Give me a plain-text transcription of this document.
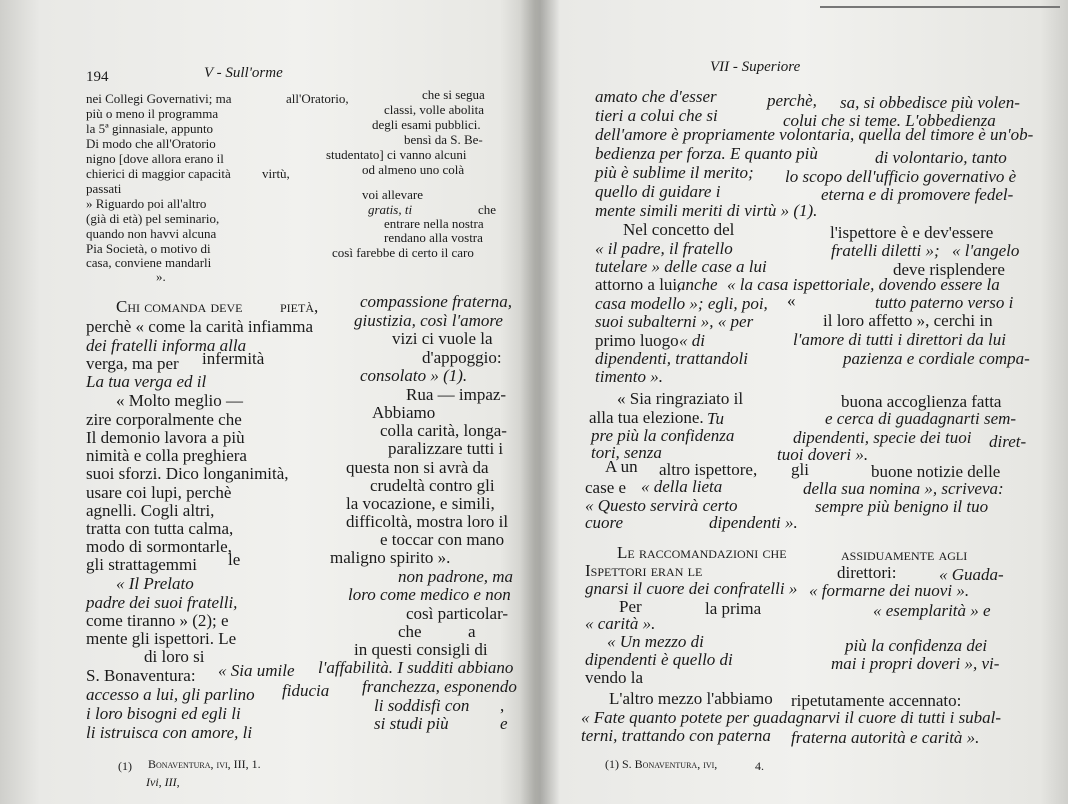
194	V - Sull'orme
nei Collegi Governativi; ma
più o meno il programma
la 5ª ginnasiale, appunto
Di modo che all'Oratorio
nigno [dove allora erano il
chierici di maggior capacità
passati
» Riguardo poi all'altro
(già di età) pel seminario,
quando non havvi alcuna
Pia Società, o motivo di
casa, conviene mandarli
».
all'Oratorio,	che si segua
classi, volle abolita
degli esami pubblici.
bensì da S. Be-
studentato] ci vanno alcuni
od almeno uno colà
virtù,
voi allevare
gratis, ti	che
entrare nella nostra
rendano alla vostra
così farebbe di certo il caro
Chi comanda deve pietà, compassione fraterna,
perchè « come la carità infiamma giustizia, così l'amore
dei fratelli informa alla	vizi ci vuole la
verga, ma per infermità	d'appoggio:
La tua verga ed il	consolato » (1).
« Molto meglio —	Rua — impaz-
zire corporalmente che	Abbiamo
Il demonio lavora a più	colla carità, longa-
nimità e colla preghiera	paralizzare tutti i
suoi sforzi. Dico longanimità,	questa non si avrà da
usare coi lupi, perchè	crudeltà contro gli
agnelli. Cogli altri,	la vocazione, e simili,
tratta con tutta calma,	difficoltà, mostra loro il
modo di sormontarle,	e toccar con mano
gli strattagemmi le	maligno spirito ».
« Il Prelato	non padrone, ma
padre dei suoi fratelli,	loro come medico e non
come tiranno » (2); e	così particolar-
mente gli ispettori. Le	che	a
di loro si	in questi consigli di
S. Bonaventura: « Sia umile l'affabilità. I sudditi abbiano
accesso a lui, gli parlino fiducia franchezza, esponendo
i loro bisogni ed egli li	li soddisfi con ,
li istruisca con amore, li	si studi più	e
(1) Bonaventura, ivi, III, 1.
Ivi, III,
VII - Superiore
amato che d'esser	perchè, sa, si obbedisce più volen-
tieri a colui che si	colui che si teme. L'obbedienza
dell'amore è propriamente volontaria, quella del timore è un'ob-
bedienza per forza. E quanto più	di volontario, tanto
più è sublime il merito; lo scopo dell'ufficio governativo è
quello di guidare i	eterna e di promovere fedel-
mente simili meriti di virtù » (1).
Nel concetto del	l'ispettore è e dev'essere
« il padre, il fratello	fratelli diletti »; « l'angelo
tutelare » delle case a lui	deve risplendere
attorno a lui,
anche « la casa ispettoriale, dovendo essere la
casa modello »; egli, poi, «	tutto paterno verso i
suoi subalterni », « per	il loro affetto », cerchi in
primo luogo « di	l'amore di tutti i direttori da lui
dipendenti, trattandoli	pazienza e cordiale compa-
timento ».
« Sia ringraziato il	buona accoglienza fatta
alla tua elezione. Tu	e cerca di guadagnarti sem-
pre più la confidenza	dipendenti, specie dei tuoi diret-
tori, senza	tuoi doveri ».
A un altro ispettore, gli	buone notizie delle
case e « della lieta	della sua nomina », scriveva:
« Questo servirà certo	sempre più benigno il tuo
cuore	dipendenti ».
Le raccomandazioni che	assiduamente agli
Ispettori eran le	direttori:	« Guada-
gnarsi il cuore dei confratelli » « formarne dei nuovi ».
Per	la prima	« esemplarità » e
« carità ».
« Un mezzo di	più la confidenza dei
dipendenti è quello di	mai i propri doveri », vi-
vendo la
L'altro mezzo l'abbiamo ripetutamente accennato:
« Fate quanto potete per guadagnarvi il cuore di tutti i subal-
terni, trattando con paterna fraterna autorità e carità ».
(1) S. Bonaventura, ivi,	4.
